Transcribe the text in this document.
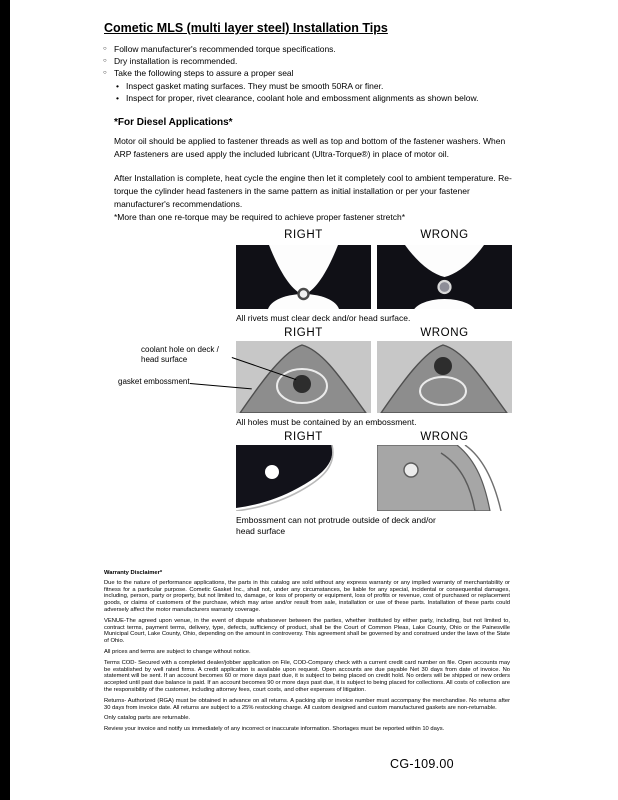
Cometic MLS (multi layer steel) Installation Tips
○ Follow manufacturer's recommended torque specifications.
○ Dry installation is recommended.
○ Take the following steps to assure a proper seal
• Inspect gasket mating surfaces. They must be smooth 50RA or finer.
• Inspect for proper, rivet clearance, coolant hole and embossment alignments as shown below.
*For Diesel Applications*
Motor oil should be applied to fastener threads as well as top and bottom of the fastener washers. When ARP fasteners are used apply the included lubricant (Ultra-Torque®) in place of motor oil.
After Installation is complete, heat cycle the engine then let it completely cool to ambient temperature. Re-torque the cylinder head fasteners in the same pattern as initial installation or per your fastener manufacturer's recommendations.
*More than one re-torque may be required to achieve proper fastener stretch*
RIGHT	WRONG
All rivets must clear deck and/or head surface.
RIGHT	WRONG
coolant hole on deck / head surface
gasket embossment
All holes must be contained by an embossment.
RIGHT	WRONG
Embossment can not protrude outside of deck and/or head surface

Warranty Disclaimer*

Due to the nature of performance applications, the parts in this catalog are sold without any express warranty or any implied warranty of merchantability or fitness for a particular purpose. Cometic Gasket Inc., shall not, under any circumstances, be liable for any special, incidental or consequential damages, including, person, party or property, but not limited to, damage, or loss of property or equipment, loss of profits or revenue, cost of purchased or replacement goods, or claims of customers of the purchase, which may arise and/or result from sale, installation or use of these parts. Installation of these parts could adversely affect the motor manufacturers warranty coverage.

VENUE-The agreed upon venue, in the event of dispute whatsoever between the parties, whether instituted by either party, including, but not limited to, contract terms, payment terms, delivery, type, defects, sufficiency of product, shall be the Court of Common Pleas, Lake County, Ohio or the Painesville Municipal Court, Lake County, Ohio, depending on the amount in controversy. This agreement shall be governed by and construed under the laws of the State of Ohio.

All prices and terms are subject to change without notice.

Terms COD- Secured with a completed dealer/jobber application on File, COD-Company check with a current credit card number on file. Open accounts may be established by well rated firms. A credit application is available upon request. Open accounts are due payable Net 30 days from date of invoice. No statement will be sent. If an account becomes 60 or more days past due, it is subject to being placed on credit hold. No orders will be shipped or new orders accepted until past due balance is paid. If an account becomes 90 or more days past due, it is subject to being placed for collections. All costs of collection are the responsibility of the customer, including attorney fees, court costs, and other expenses of litigation.

Returns- Authorized (RGA) must be obtained in advance on all returns. A packing slip or invoice number must accompany the merchandise. No returns after 30 days from invoice date. All returns are subject to a 25% restocking charge. All custom designed and custom manufactured gaskets are non-returnable.

Only catalog parts are returnable.

Review your invoice and notify us immediately of any incorrect or inaccurate information. Shortages must be reported within 10 days.

CG-109.00
